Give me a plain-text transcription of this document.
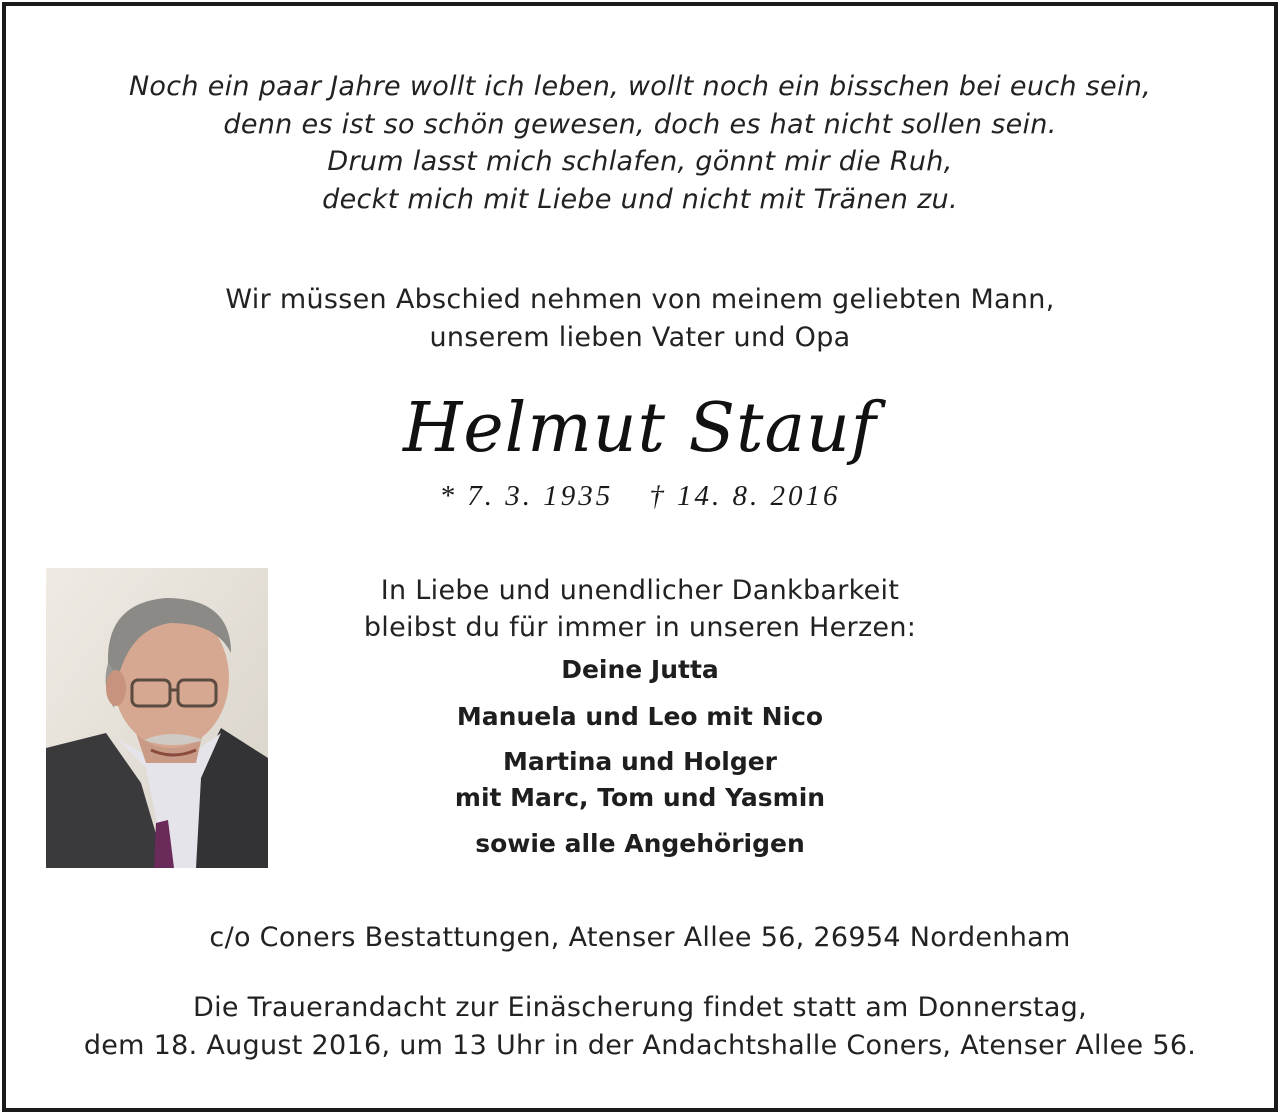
Noch ein paar Jahre wollt ich leben, wollt noch ein bisschen bei euch sein,
denn es ist so schön gewesen, doch es hat nicht sollen sein.
Drum lasst mich schlafen, gönnt mir die Ruh,
deckt mich mit Liebe und nicht mit Tränen zu.
Wir müssen Abschied nehmen von meinem geliebten Mann,
unserem lieben Vater und Opa
Helmut Stauf
* 7. 3. 1935 † 14. 8. 2016
In Liebe und unendlicher Dankbarkeit
bleibst du für immer in unseren Herzen:
Deine Jutta
Manuela und Leo mit Nico
Martina und Holger
mit Marc, Tom und Yasmin
sowie alle Angehörigen
c/o Coners Bestattungen, Atenser Allee 56, 26954 Nordenham
Die Trauerandacht zur Einäscherung findet statt am Donnerstag,
dem 18. August 2016, um 13 Uhr in der Andachtshalle Coners, Atenser Allee 56.
